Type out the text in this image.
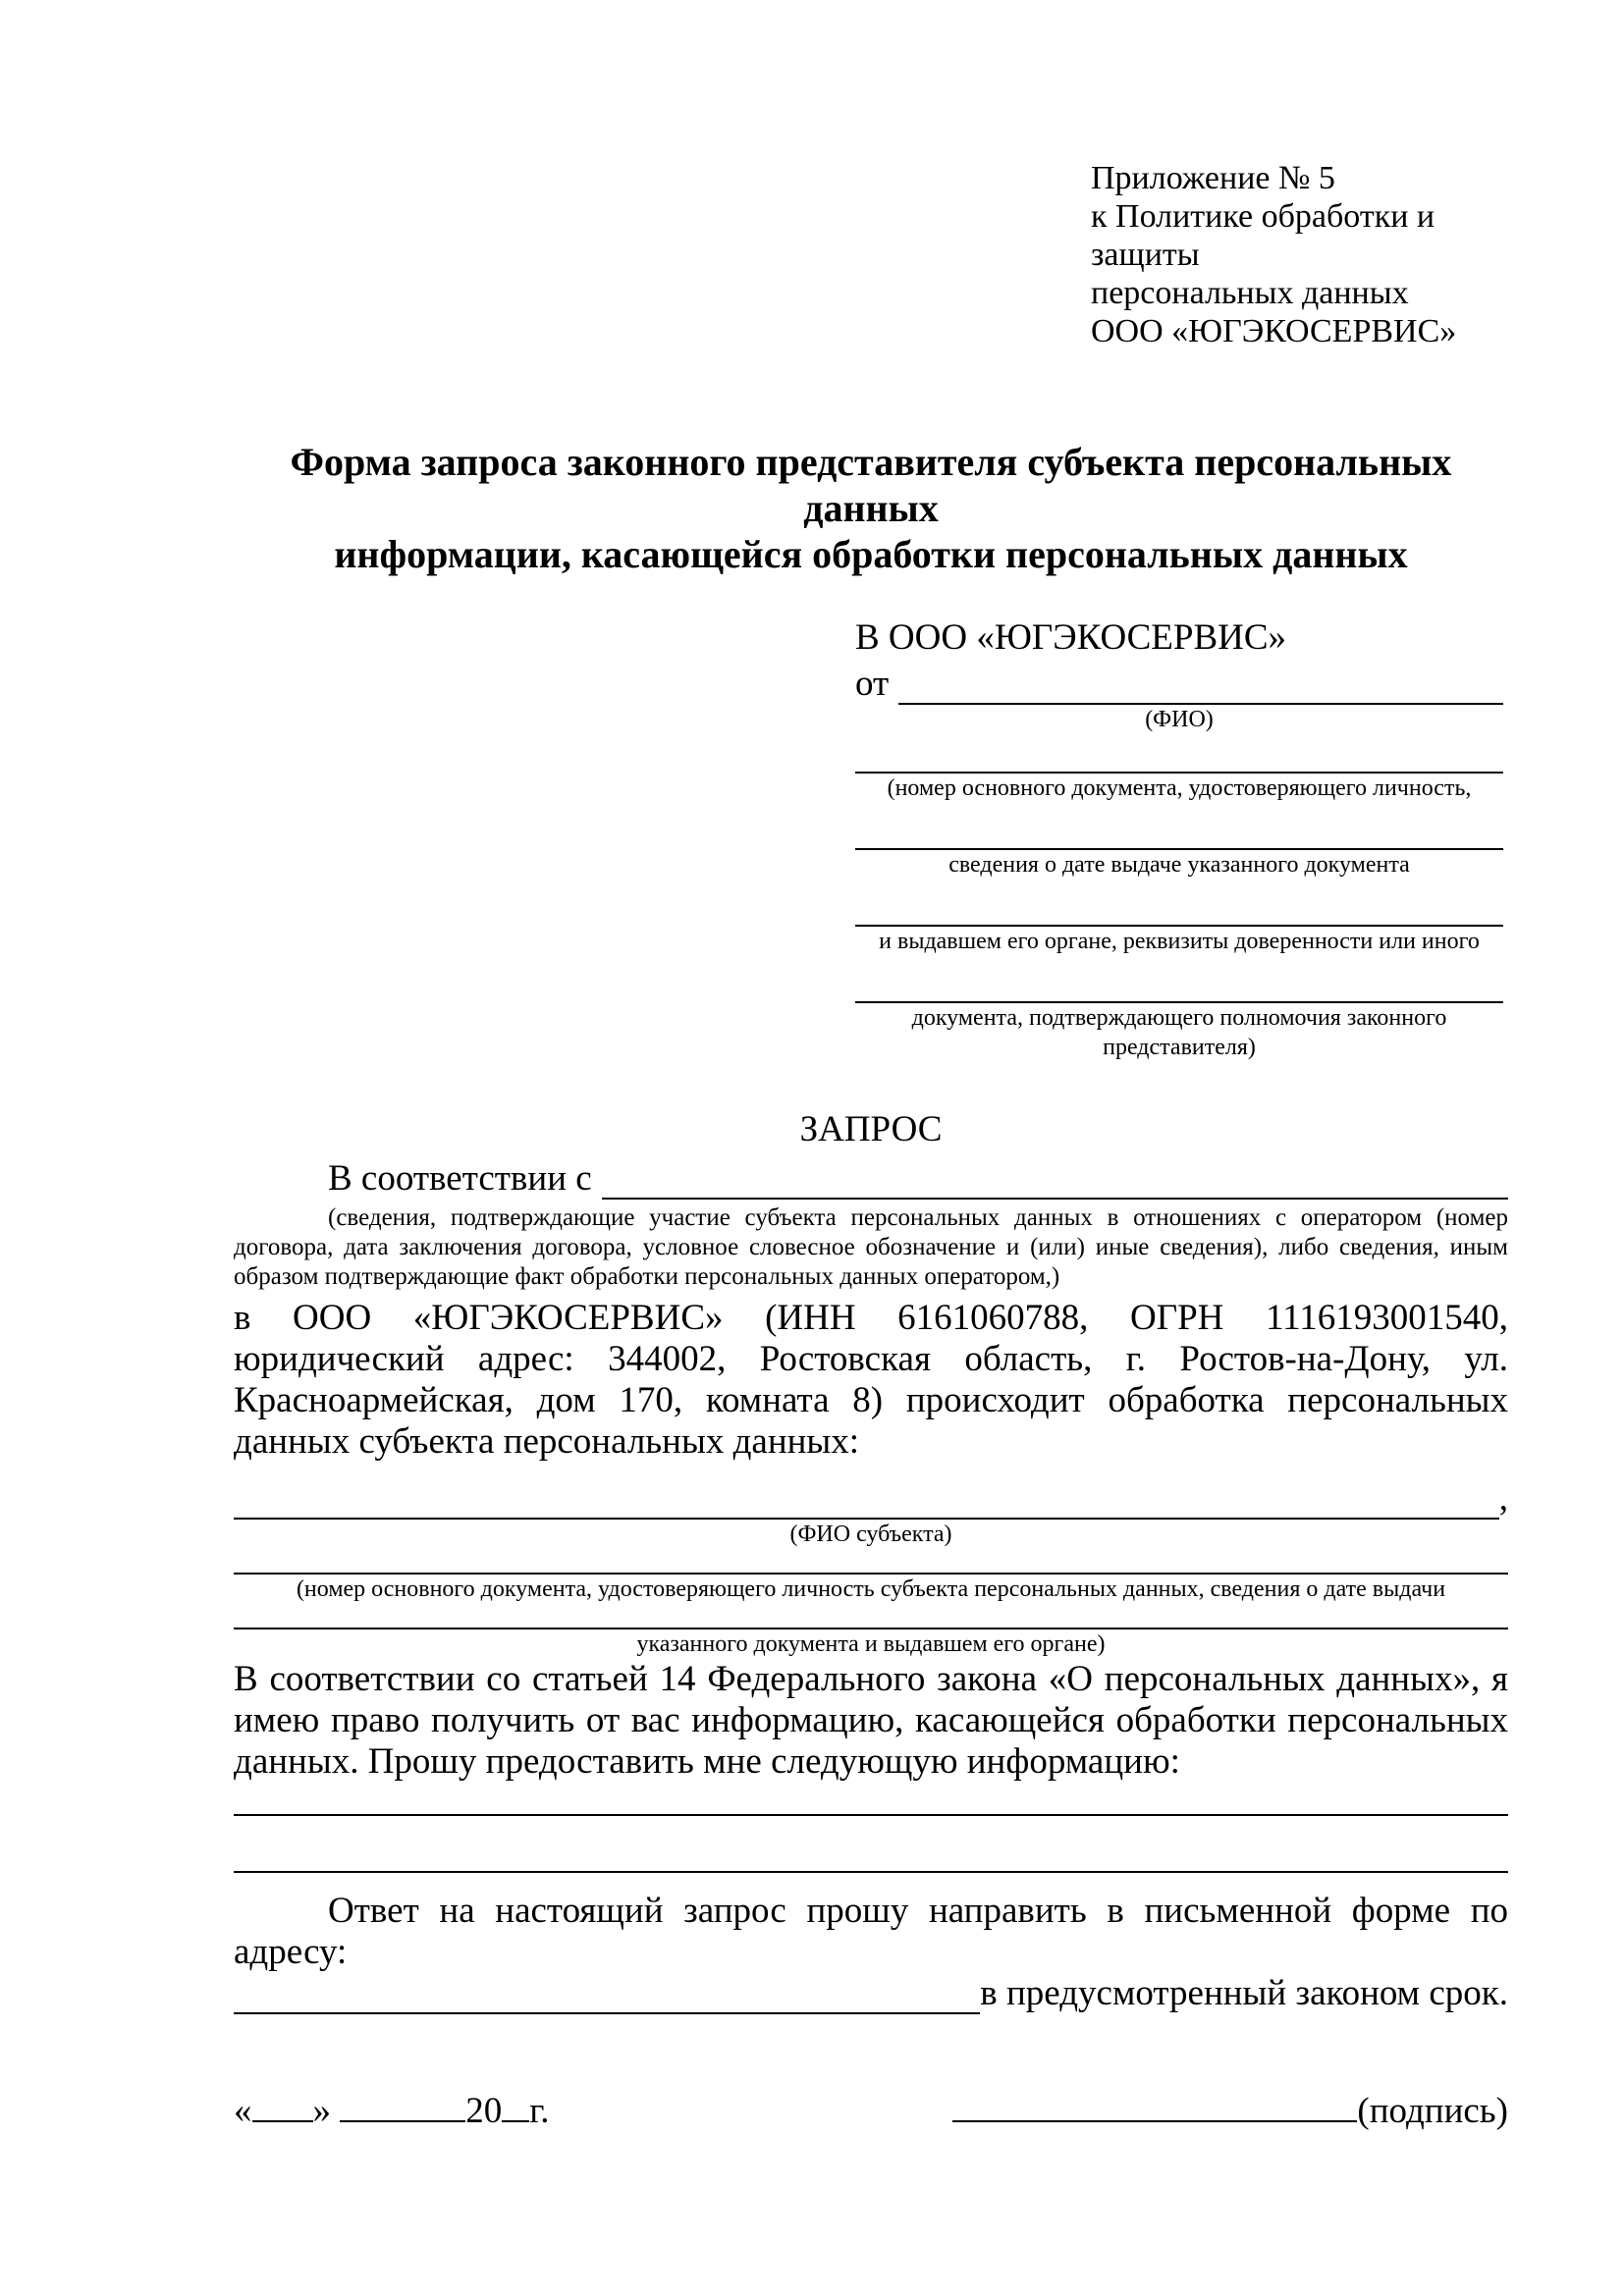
Приложение № 5
к Политике обработки и защиты
персональных данных
ООО «ЮГЭКОСЕРВИС»
Форма запроса законного представителя субъекта персональных данных
информации, касающейся обработки персональных данных
В ООО «ЮГЭКОСЕРВИС»
от
(ФИО)
(номер основного документа, удостоверяющего личность,
сведения о дате выдаче указанного документа
и выдавшем его органе, реквизиты доверенности или иного
документа, подтверждающего полномочия законного представителя)
ЗАПРОС
В соответствии с
(сведения, подтверждающие участие субъекта персональных данных в отношениях с оператором (номер договора, дата заключения договора, условное словесное обозначение и (или) иные сведения), либо сведения, иным образом подтверждающие факт обработки персональных данных оператором,)

в ООО «ЮГЭКОСЕРВИС» (ИНН 6161060788, ОГРН 1116193001540, юридический адрес: 344002, Ростовская область, г. Ростов-на-Дону, ул. Красноармейская, дом 170, комната 8) происходит обработка персональных данных субъекта персональных данных:

,
(ФИО субъекта)
(номер основного документа, удостоверяющего личность субъекта персональных данных, сведения о дате выдачи
указанного документа и выдавшем его органе)

В соответствии со статьей 14 Федерального закона «О персональных данных», я имею право получить от вас информацию, касающейся обработки персональных данных. Прошу предоставить мне следующую информацию:

Ответ на настоящий запрос прошу направить в письменной форме по адресу:

в предусмотренный законом срок.
« »	20 г.	(подпись)
